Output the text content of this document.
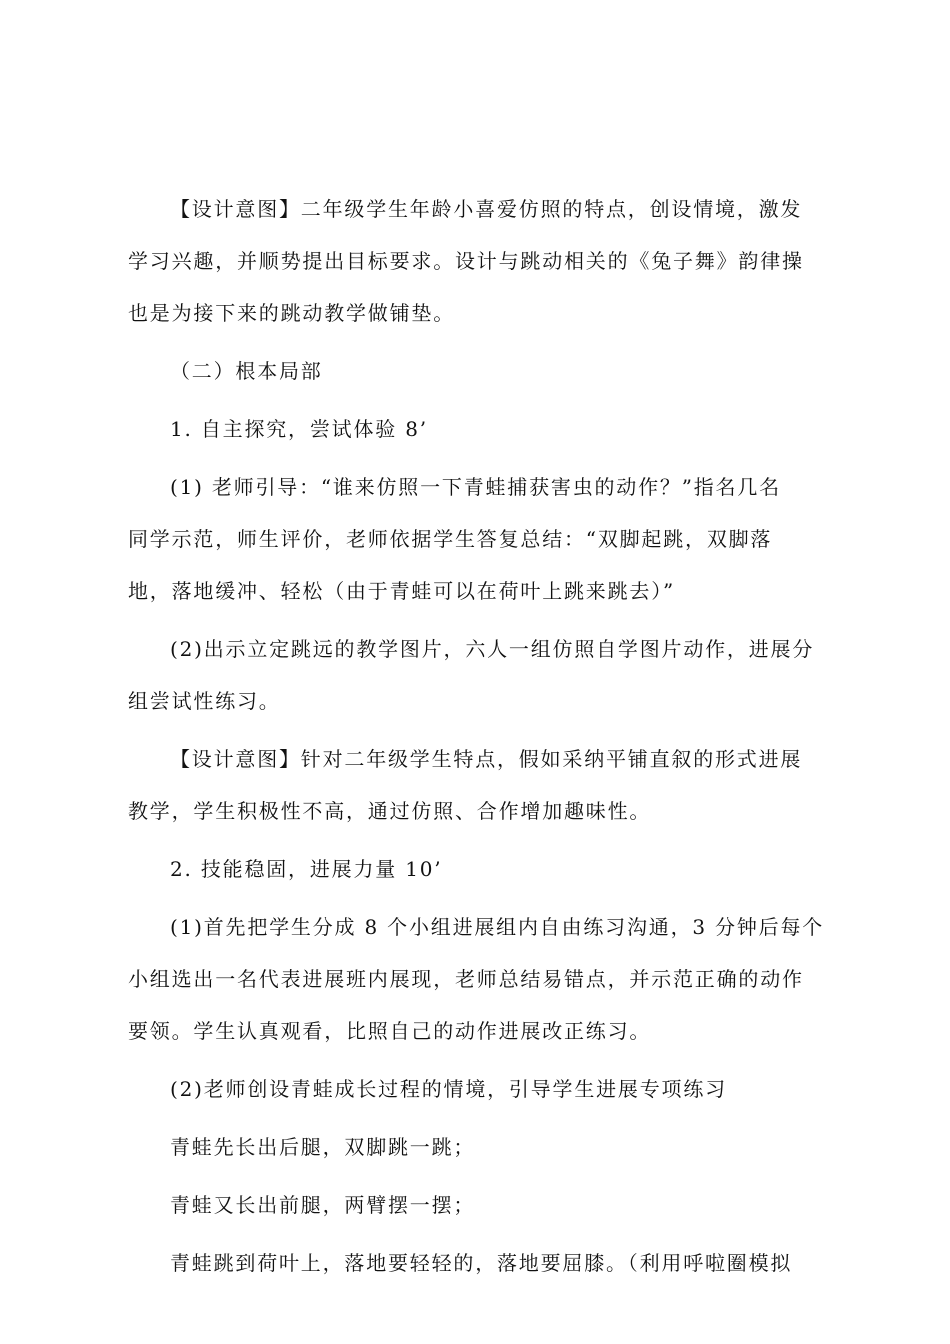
【设计意图】二年级学生年龄小喜爱仿照的特点，创设情境，激发
学习兴趣，并顺势提出目标要求。设计与跳动相关的《兔子舞》韵律操
也是为接下来的跳动教学做铺垫。
（二）根本局部
1. 自主探究，尝试体验 8’
(1) 老师引导：“谁来仿照一下青蛙捕获害虫的动作？”指名几名
同学示范，师生评价，老师依据学生答复总结：“双脚起跳，双脚落
地，落地缓冲、轻松（由于青蛙可以在荷叶上跳来跳去）”
(2)出示立定跳远的教学图片，六人一组仿照自学图片动作，进展分
组尝试性练习。
【设计意图】针对二年级学生特点，假如采纳平铺直叙的形式进展
教学，学生积极性不高，通过仿照、合作增加趣味性。
2. 技能稳固，进展力量 10’
(1)首先把学生分成 8 个小组进展组内自由练习沟通，3 分钟后每个
小组选出一名代表进展班内展现，老师总结易错点，并示范正确的动作
要领。学生认真观看，比照自己的动作进展改正练习。
(2)老师创设青蛙成长过程的情境，引导学生进展专项练习
青蛙先长出后腿，双脚跳一跳；
青蛙又长出前腿，两臂摆一摆；
青蛙跳到荷叶上，落地要轻轻的，落地要屈膝。（利用呼啦圈模拟
